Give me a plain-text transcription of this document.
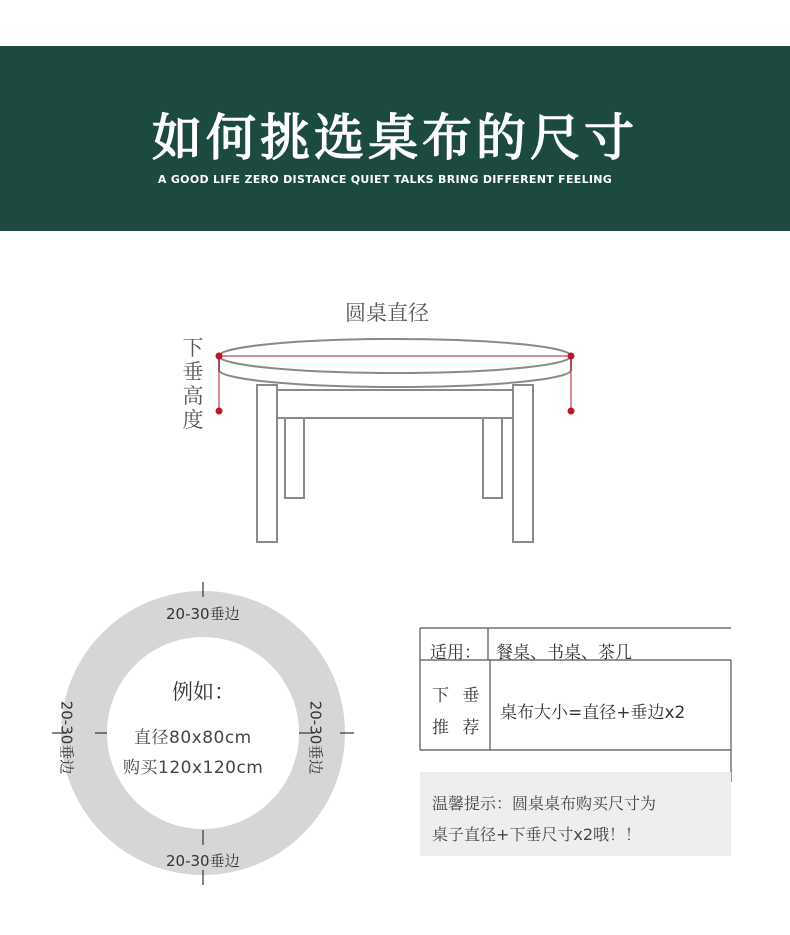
如何挑选桌布的尺寸
A GOOD LIFE ZERO DISTANCE QUIET TALKS BRING DIFFERENT FEELING
圆桌直径
下
垂
高
度
20-30垂边
20-30垂边
20-30垂边	20-30垂边
例如：
直径80x80cm
购买120x120cm
适用： 餐桌、书桌、茶几
下 垂
推 荐
桌布大小=直径+垂边x2
温馨提示：圆桌桌布购买尺寸为
桌子直径+下垂尺寸x2哦！！
